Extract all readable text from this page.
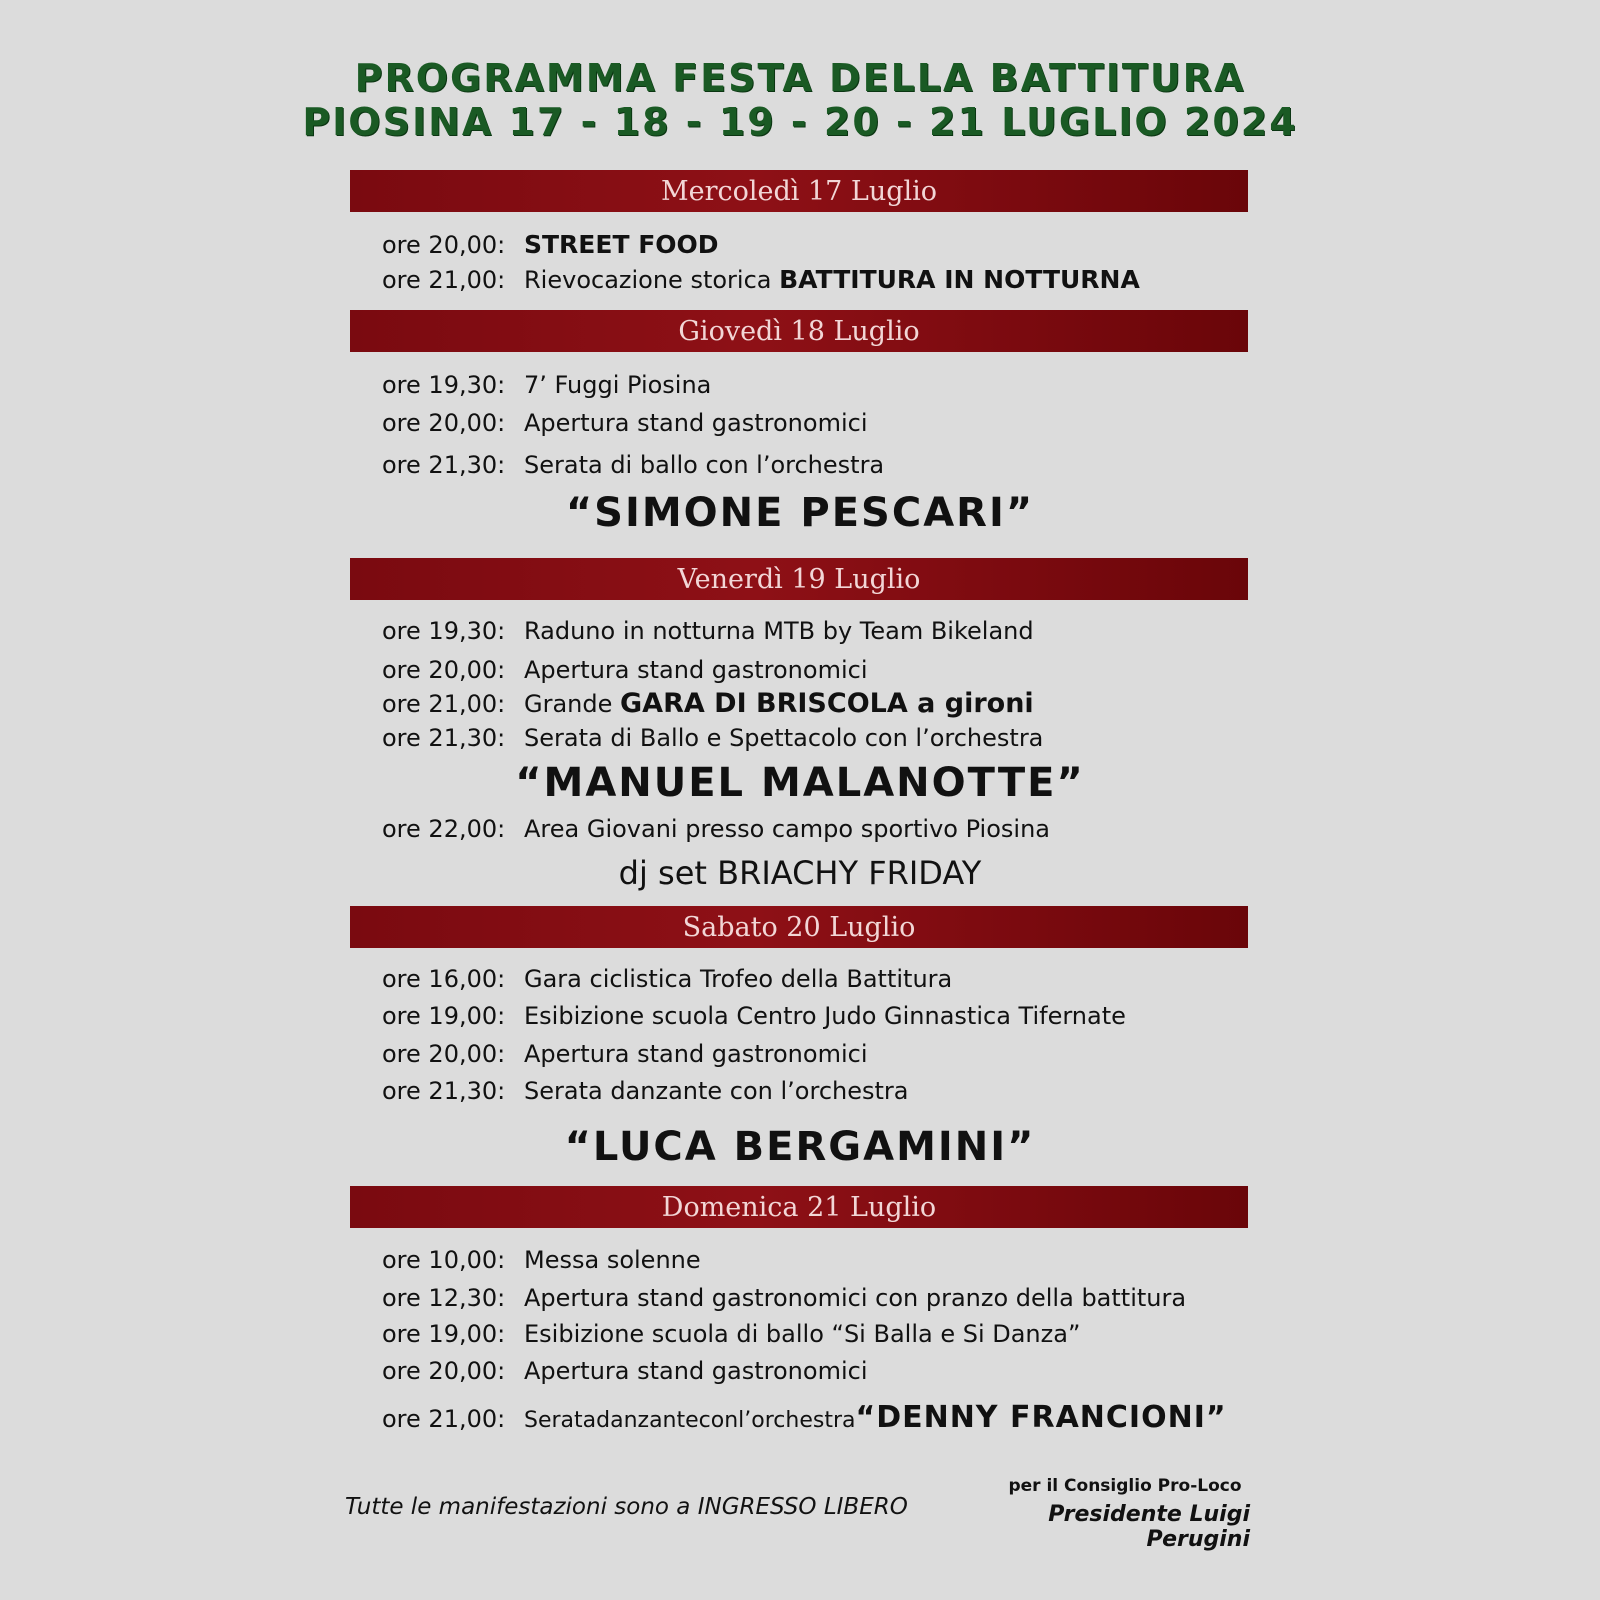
PROGRAMMA FESTA DELLA BATTITURA
PIOSINA 17 - 18 - 19 - 20 - 21 LUGLIO 2024
Mercoledì 17 Luglio
ore 20,00: STREET FOOD
ore 21,00: Rievocazione storica BATTITURA IN NOTTURNA
Giovedì 18 Luglio
ore 19,30: 7’ Fuggi Piosina
ore 20,00: Apertura stand gastronomici
ore 21,30: Serata di ballo con l’orchestra
“SIMONE PESCARI”
Venerdì 19 Luglio
ore 19,30: Raduno in notturna MTB by Team Bikeland
ore 20,00: Apertura stand gastronomici
ore 21,00: Grande GARA DI BRISCOLA a gironi
ore 21,30: Serata di Ballo e Spettacolo con l’orchestra
“MANUEL MALANOTTE”
ore 22,00: Area Giovani presso campo sportivo Piosina
dj set BRIACHY FRIDAY
Sabato 20 Luglio
ore 16,00: Gara ciclistica Trofeo della Battitura
ore 19,00: Esibizione scuola Centro Judo Ginnastica Tifernate
ore 20,00: Apertura stand gastronomici
ore 21,30: Serata danzante con l’orchestra
“LUCA BERGAMINI”
Domenica 21 Luglio
ore 10,00: Messa solenne
ore 12,30: Apertura stand gastronomici con pranzo della battitura
ore 19,00: Esibizione scuola di ballo “Si Balla e Si Danza”
ore 20,00: Apertura stand gastronomici
ore 21,00: Seratadanzanteconl’orchestra“DENNY FRANCIONI”
Tutte le manifestazioni sono a INGRESSO LIBERO
per il Consiglio Pro-Loco
Presidente Luigi Perugini
